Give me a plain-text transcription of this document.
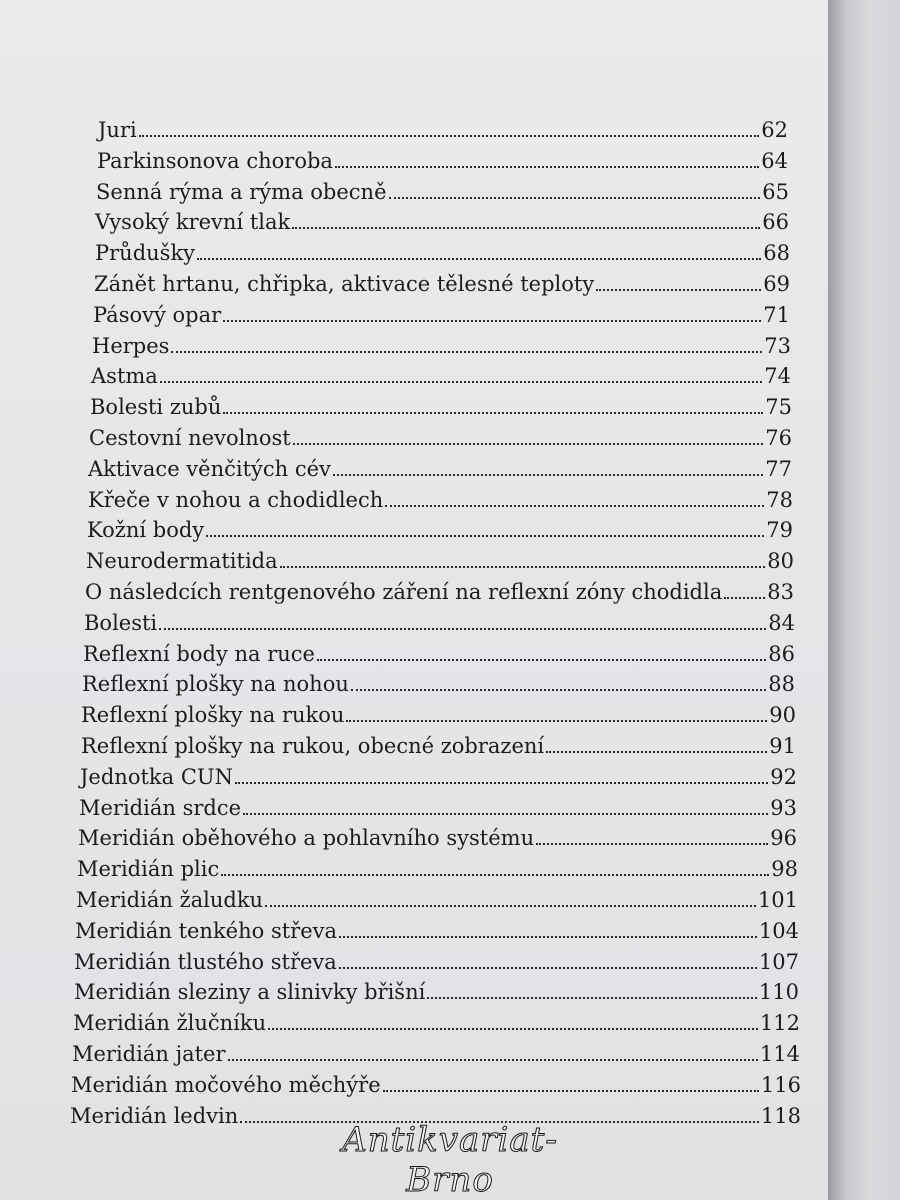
Juri	62
Parkinsonova choroba	64
Senná rýma a rýma obecně	65
Vysoký krevní tlak	66
Průdušky	68
Zánět hrtanu, chřipka, aktivace tělesné teploty	69
Pásový opar	71
Herpes	73
Astma	74
Bolesti zubů	75
Cestovní nevolnost	76
Aktivace věnčitých cév	77
Křeče v nohou a chodidlech	78
Kožní body	79
Neurodermatitida	80
O následcích rentgenového záření na reflexní zóny chodidla 83
Bolesti	84
Reflexní body na ruce	86
Reflexní plošky na nohou	88
Reflexní plošky na rukou	90
Reflexní plošky na rukou, obecné zobrazení	91
Jednotka CUN	92
Meridián srdce	93
Meridián oběhového a pohlavního systému	96
Meridián plic	98
Meridián žaludku	101
Meridián tenkého střeva	104
Meridián tlustého střeva	107
Meridián sleziny a slinivky břišní	110
Meridián žlučníku	112
Meridián jater	114
Meridián močového měchýře	116
Meridián ledvin	118
Antikvariat-Brno
